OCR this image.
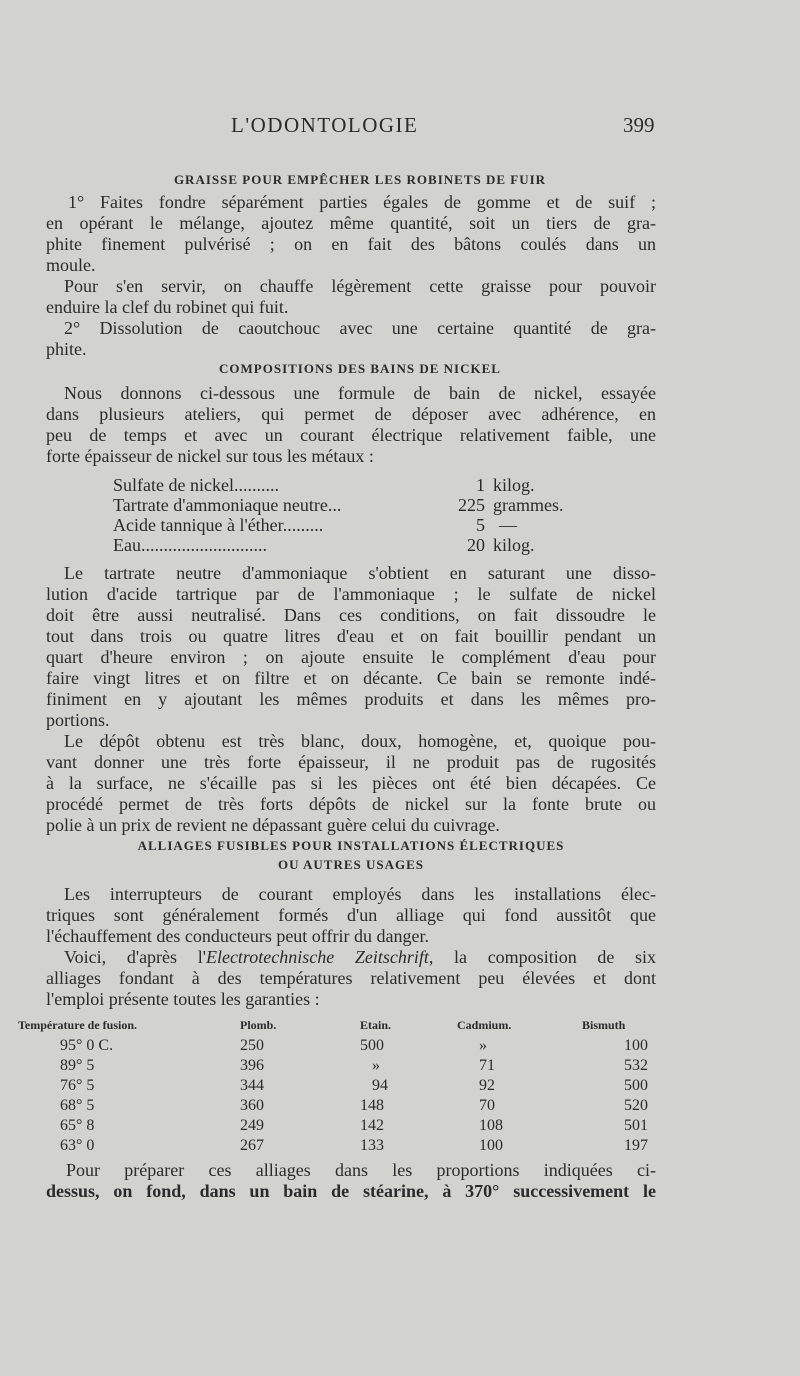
L'ODONTOLOGIE	399
GRAISSE POUR EMPÊCHER LES ROBINETS DE FUIR
1° Faites fondre séparément parties égales de gomme et de suif ;
en opérant le mélange, ajoutez même quantité, soit un tiers de gra-
phite finement pulvérisé ; on en fait des bâtons coulés dans un
moule.
Pour s'en servir, on chauffe légèrement cette graisse pour pouvoir
enduire la clef du robinet qui fuit.
2° Dissolution de caoutchouc avec une certaine quantité de gra-
phite.
COMPOSITIONS DES BAINS DE NICKEL
Nous donnons ci-dessous une formule de bain de nickel, essayée
dans plusieurs ateliers, qui permet de déposer avec adhérence, en
peu de temps et avec un courant électrique relativement faible, une
forte épaisseur de nickel sur tous les métaux :
Sulfate de nickel..........	1 kilog.
Tartrate d'ammoniaque neutre...	225 grammes.
Acide tannique à l'éther.........	5 —
Eau............................	20 kilog.
Le tartrate neutre d'ammoniaque s'obtient en saturant une disso-
lution d'acide tartrique par de l'ammoniaque ; le sulfate de nickel
doit être aussi neutralisé. Dans ces conditions, on fait dissoudre le
tout dans trois ou quatre litres d'eau et on fait bouillir pendant un
quart d'heure environ ; on ajoute ensuite le complément d'eau pour
faire vingt litres et on filtre et on décante. Ce bain se remonte indé-
finiment en y ajoutant les mêmes produits et dans les mêmes pro-
portions.
Le dépôt obtenu est très blanc, doux, homogène, et, quoique pou-
vant donner une très forte épaisseur, il ne produit pas de rugosités
à la surface, ne s'écaille pas si les pièces ont été bien décapées. Ce
procédé permet de très forts dépôts de nickel sur la fonte brute ou
polie à un prix de revient ne dépassant guère celui du cuivrage.
ALLIAGES FUSIBLES POUR INSTALLATIONS ÉLECTRIQUES
OU AUTRES USAGES
Les interrupteurs de courant employés dans les installations élec-
triques sont généralement formés d'un alliage qui fond aussitôt que
l'échauffement des conducteurs peut offrir du danger.
Voici, d'après l'Electrotechnische Zeitschrift, la composition de six
alliages fondant à des températures relativement peu élevées et dont
l'emploi présente toutes les garanties :
Température de fusion.	Plomb.	Etain.	Cadmium.	Bismuth
95° 0 C.	250	500	»	100
89° 5	396	»	71	532
76° 5	344	94	92	500
68° 5	360	148	70	520
65° 8	249	142	108	501
63° 0	267	133	100	197
Pour préparer ces alliages dans les proportions indiquées ci-
dessus, on fond, dans un bain de stéarine, à 370° successivement le
